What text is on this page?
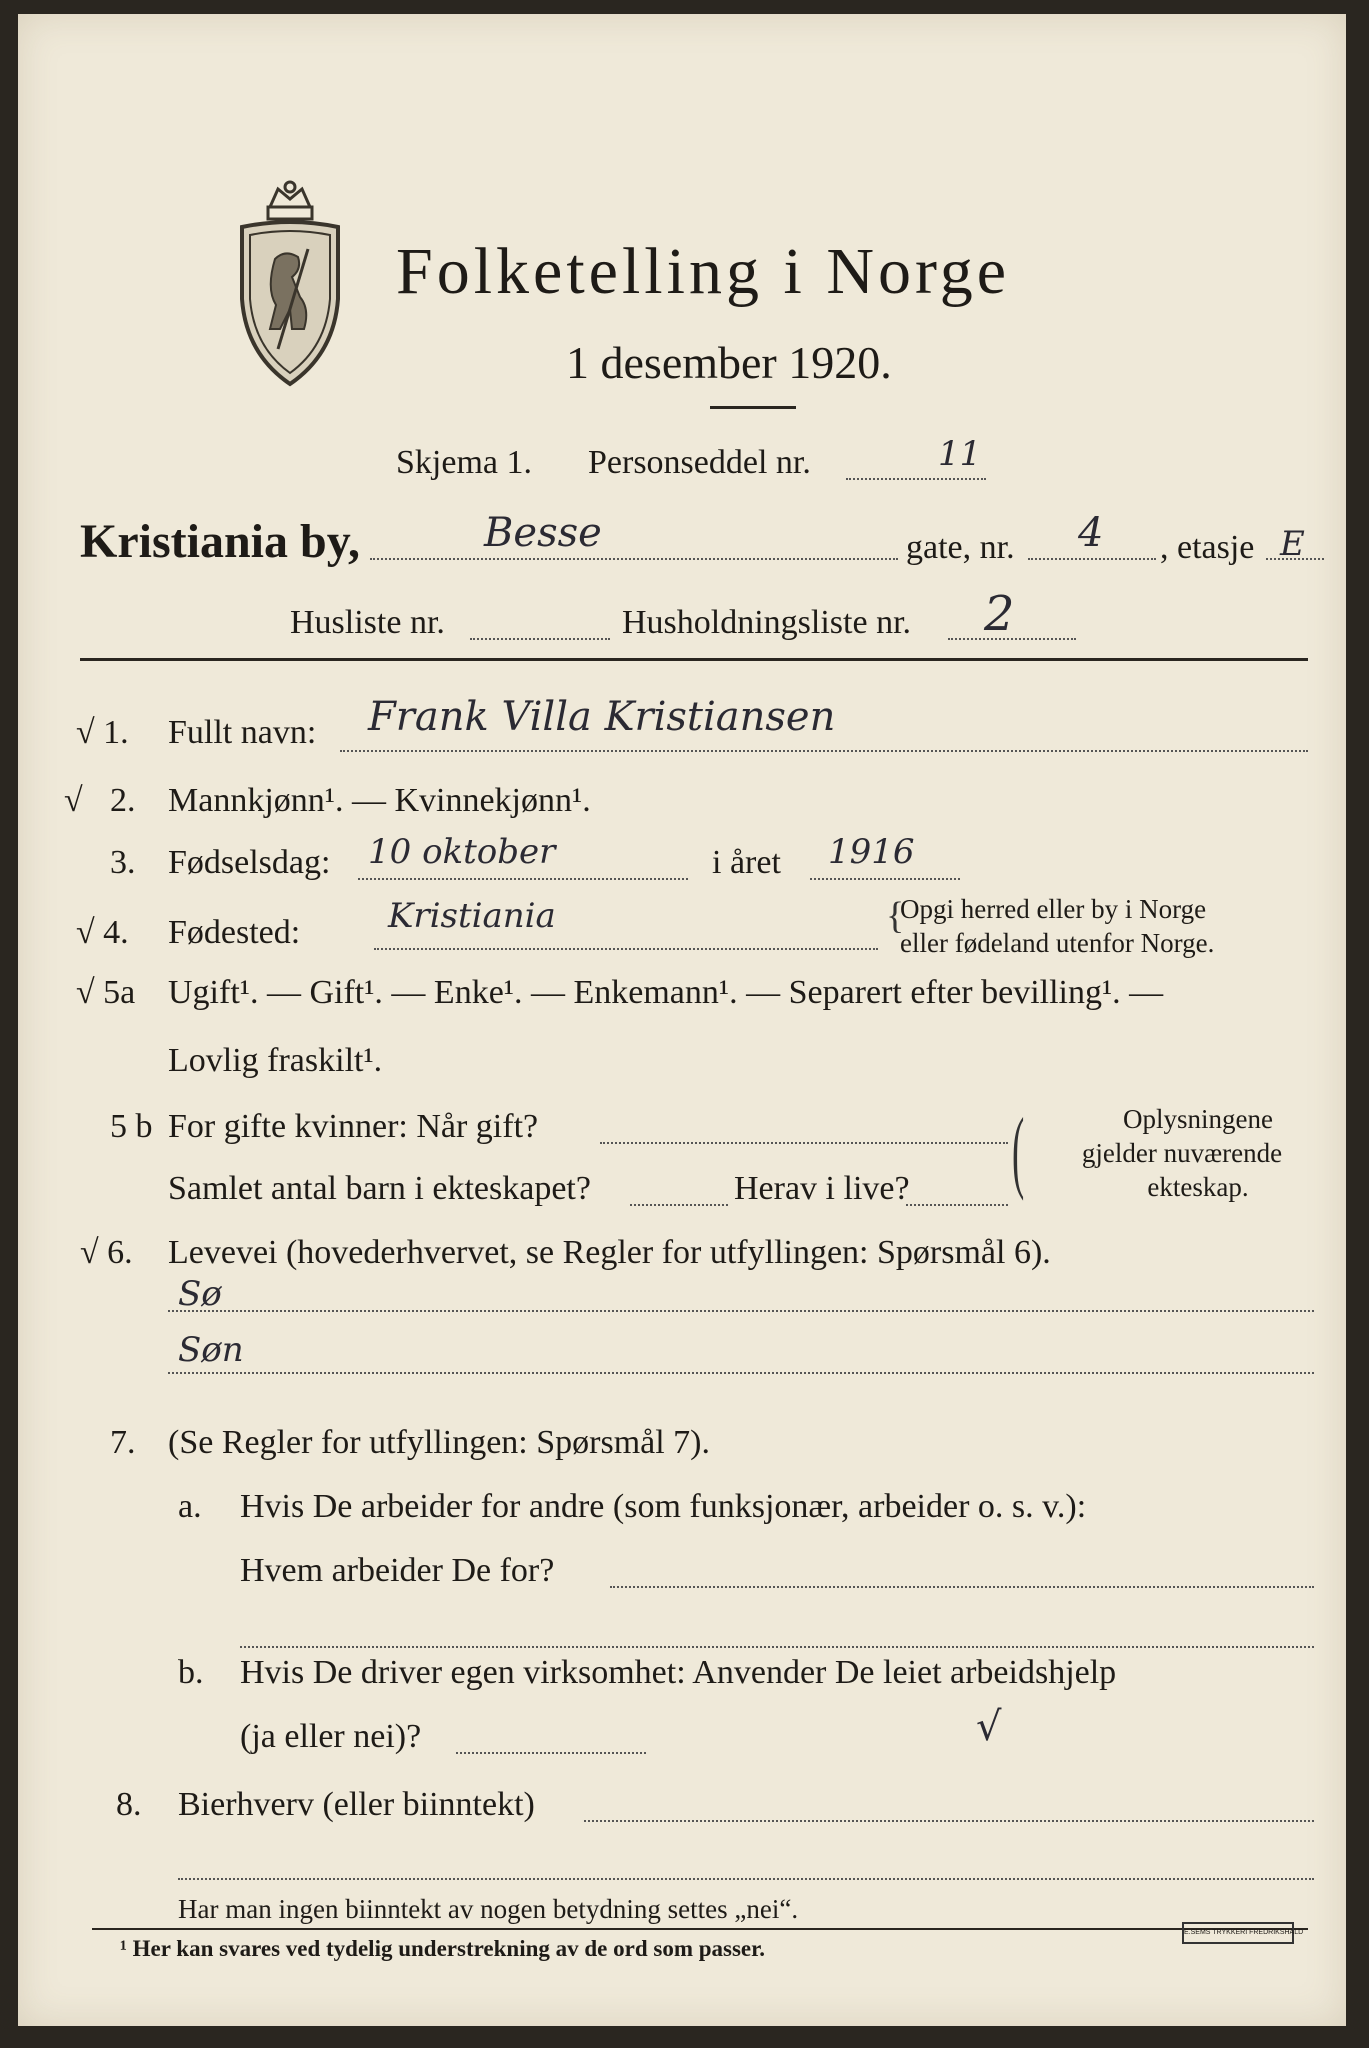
Folketelling i Norge
1 desember 1920.
Skjema 1. Personseddel nr.	11
Kristiania by,	Besse	gate, nr. 4 , etasje E
Husliste nr.	Husholdningsliste nr. 2
√ 1. Fullt navn: Frank Villa Kristiansen
√ 2. Mannkjønn¹. — Kvinnekjønn¹.
3. Fødselsdag: 10 oktober	i året 1916
√ 4. Fødested:	Kristiania	{
Opgi herred eller by i Norge
eller fødeland utenfor Norge.
√ 5a Ugift¹. — Gift¹. — Enke¹. — Enkemann¹. — Separert efter bevilling¹. —
Lovlig fraskilt¹.
5 b For gifte kvinner: Når gift?
Samlet antal barn i ekteskapet?	Herav i live? (	Oplysningene
gjelder nuværende
ekteskap.
√ 6. Levevei (hovederhvervet, se Regler for utfyllingen: Spørsmål 6).
Sø
Søn
7. (Se Regler for utfyllingen: Spørsmål 7).
a. Hvis De arbeider for andre (som funksjonær, arbeider o. s. v.):
Hvem arbeider De for?
b. Hvis De driver egen virksomhet: Anvender De leiet arbeidshjelp
(ja eller nei)?	√
8. Bierhverv (eller biinntekt)
Har man ingen biinntekt av nogen betydning settes „nei“.
¹ Her kan svares ved tydelig understrekning av de ord som passer.
E.SEMS TRYKKERI FREDRIKSHALD
